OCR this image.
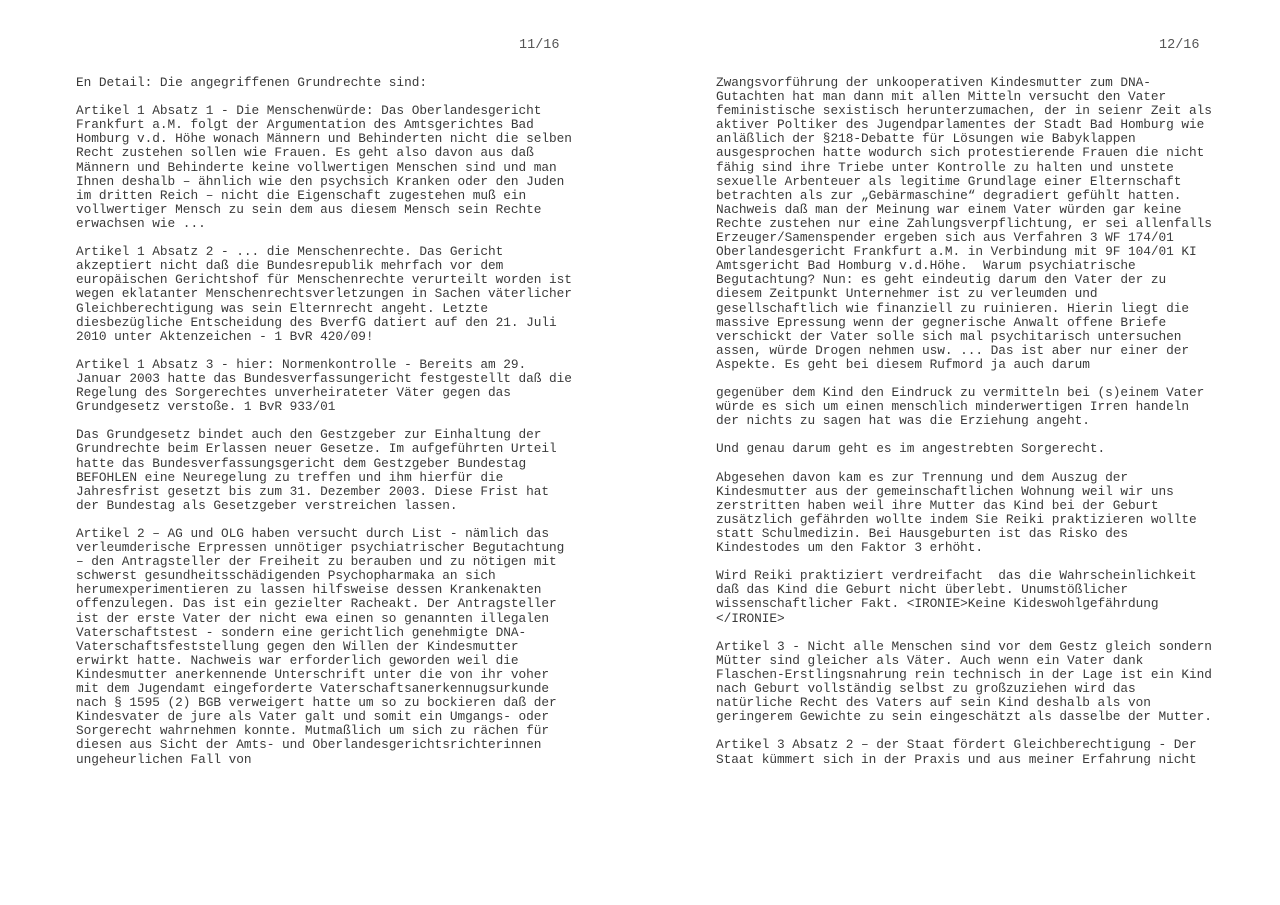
11/16

En Detail: Die angegriffenen Grundrechte sind:

Artikel 1 Absatz 1 - Die Menschenwürde: Das Oberlandesgericht
Frankfurt a.M. folgt der Argumentation des Amtsgerichtes Bad
Homburg v.d. Höhe wonach Männern und Behinderten nicht die selben
Recht zustehen sollen wie Frauen. Es geht also davon aus daß
Männern und Behinderte keine vollwertigen Menschen sind und man
Ihnen deshalb – ähnlich wie den psychsich Kranken oder den Juden
im dritten Reich – nicht die Eigenschaft zugestehen muß ein
vollwertiger Mensch zu sein dem aus diesem Mensch sein Rechte
erwachsen wie ...

Artikel 1 Absatz 2 - ... die Menschenrechte. Das Gericht
akzeptiert nicht daß die Bundesrepublik mehrfach vor dem
europäischen Gerichtshof für Menschenrechte verurteilt worden ist
wegen eklatanter Menschenrechtsverletzungen in Sachen väterlicher
Gleichberechtigung was sein Elternrecht angeht. Letzte
diesbezügliche Entscheidung des BverfG datiert auf den 21. Juli
2010 unter Aktenzeichen - 1 BvR 420/09!

Artikel 1 Absatz 3 - hier: Normenkontrolle - Bereits am 29.
Januar 2003 hatte das Bundesverfassungericht festgestellt daß die
Regelung des Sorgerechtes unverheirateter Väter gegen das
Grundgesetz verstoße. 1 BvR 933/01

Das Grundgesetz bindet auch den Gestzgeber zur Einhaltung der
Grundrechte beim Erlassen neuer Gesetze. Im aufgeführten Urteil
hatte das Bundesverfassungsgericht dem Gestzgeber Bundestag
BEFOHLEN eine Neuregelung zu treffen und ihm hierfür die
Jahresfrist gesetzt bis zum 31. Dezember 2003. Diese Frist hat
der Bundestag als Gesetzgeber verstreichen lassen.

Artikel 2 – AG und OLG haben versucht durch List - nämlich das
verleumderische Erpressen unnötiger psychiatrischer Begutachtung
– den Antragsteller der Freiheit zu berauben und zu nötigen mit
schwerst gesundheitsschädigenden Psychopharmaka an sich
herumexperimentieren zu lassen hilfsweise dessen Krankenakten
offenzulegen. Das ist ein gezielter Racheakt. Der Antragsteller
ist der erste Vater der nicht ewa einen so genannten illegalen
Vaterschaftstest - sondern eine gerichtlich genehmigte DNA-
Vaterschaftsfeststellung gegen den Willen der Kindesmutter
erwirkt hatte. Nachweis war erforderlich geworden weil die
Kindesmutter anerkennende Unterschrift unter die von ihr voher
mit dem Jugendamt eingeforderte Vaterschaftsanerkennugsurkunde
nach § 1595 (2) BGB verweigert hatte um so zu bockieren daß der
Kindesvater de jure als Vater galt und somit ein Umgangs- oder
Sorgerecht wahrnehmen konnte. Mutmaßlich um sich zu rächen für
diesen aus Sicht der Amts- und Oberlandesgerichtsrichterinnen
ungeheurlichen Fall von

12/16

Zwangsvorführung der unkooperativen Kindesmutter zum DNA-
Gutachten hat man dann mit allen Mitteln versucht den Vater
feministische sexistisch herunterzumachen, der in seienr Zeit als
aktiver Poltiker des Jugendparlamentes der Stadt Bad Homburg wie
anläßlich der §218-Debatte für Lösungen wie Babyklappen
ausgesprochen hatte wodurch sich protestierende Frauen die nicht
fähig sind ihre Triebe unter Kontrolle zu halten und unstete
sexuelle Arbenteuer als legitime Grundlage einer Elternschaft
betrachten als zur „Gebärmaschine“ degradiert gefühlt hatten.
Nachweis daß man der Meinung war einem Vater würden gar keine
Rechte zustehen nur eine Zahlungsverpflichtung, er sei allenfalls
Erzeuger/Samenspender ergeben sich aus Verfahren 3 WF 174/01
Oberlandesgericht Frankfurt a.M. in Verbindung mit 9F 104/01 KI
Amtsgericht Bad Homburg v.d.Höhe.  Warum psychiatrische
Begutachtung? Nun: es geht eindeutig darum den Vater der zu
diesem Zeitpunkt Unternehmer ist zu verleumden und
gesellschaftlich wie finanziell zu ruinieren. Hierin liegt die
massive Epressung wenn der gegnerische Anwalt offene Briefe
verschickt der Vater solle sich mal psychitarisch untersuchen
assen, würde Drogen nehmen usw. ... Das ist aber nur einer der
Aspekte. Es geht bei diesem Rufmord ja auch darum

gegenüber dem Kind den Eindruck zu vermitteln bei (s)einem Vater
würde es sich um einen menschlich minderwertigen Irren handeln
der nichts zu sagen hat was die Erziehung angeht.

Und genau darum geht es im angestrebten Sorgerecht.

Abgesehen davon kam es zur Trennung und dem Auszug der
Kindesmutter aus der gemeinschaftlichen Wohnung weil wir uns
zerstritten haben weil ihre Mutter das Kind bei der Geburt
zusätzlich gefährden wollte indem Sie Reiki praktizieren wollte
statt Schulmedizin. Bei Hausgeburten ist das Risko des
Kindestodes um den Faktor 3 erhöht.

Wird Reiki praktiziert verdreifacht  das die Wahrscheinlichkeit
daß das Kind die Geburt nicht überlebt. Unumstößlicher
wissenschaftlicher Fakt. <IRONIE>Keine Kideswohlgefährdung
</IRONIE>

Artikel 3 - Nicht alle Menschen sind vor dem Gestz gleich sondern
Mütter sind gleicher als Väter. Auch wenn ein Vater dank
Flaschen-Erstlingsnahrung rein technisch in der Lage ist ein Kind
nach Geburt vollständig selbst zu großzuziehen wird das
natürliche Recht des Vaters auf sein Kind deshalb als von
geringerem Gewichte zu sein eingeschätzt als dasselbe der Mutter.

Artikel 3 Absatz 2 – der Staat fördert Gleichberechtigung - Der
Staat kümmert sich in der Praxis und aus meiner Erfahrung nicht
